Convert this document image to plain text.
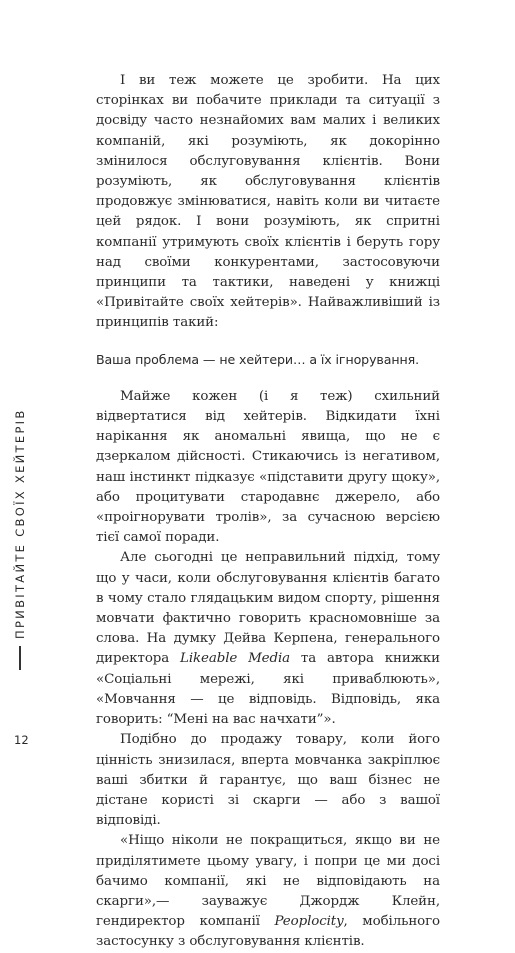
І ви теж можете це зробити. На цих сторінках ви побачите приклади та ситуації з досвіду часто незнайомих вам малих і великих компаній, які розуміють, як докорінно змінилося обслуговування клієнтів. Вони розуміють, як обслуговування клієнтів продовжує змінюватися, навіть коли ви читаєте цей рядок. І вони розуміють, як спритні компанії утримують своїх клієнтів і беруть гору над своїми конкурентами, застосовуючи принципи та тактики, наведені у книжці «Привітайте своїх хейтерів». Найважливіший із принципів такий:

Ваша проблема — не хейтери… а їх ігнорування.

Майже кожен (і я теж) схильний відвертатися від хейтерів. Відкидати їхні нарікання як аномальні явища, що не є дзеркалом дійсності. Стикаючись із негативом, наш інстинкт підказує «підставити другу щоку», або процитувати стародавнє джерело, або «проігнорувати тролів», за сучасною версією тієї самої поради.

Але сьогодні це неправильний підхід, тому що у часи, коли обслуговування клієнтів багато в чому стало глядацьким видом спорту, рішення мовчати фактично говорить красномовніше за слова. На думку Дейва Керпена, генерального директора Likeable Media та автора книжки «Соціальні мережі, які приваблюють», «Мовчання — це відповідь. Відповідь, яка говорить: “Мені на вас начхати”».

Подібно до продажу товару, коли його цінність знизилася, вперта мовчанка закріплює ваші збитки й гарантує, що ваш бізнес не дістане користі зі скарги — або з вашої відповіді.

«Ніщо ніколи не покращиться, якщо ви не приділятимете цьому увагу, і попри це ми досі бачимо компанії, які не відповідають на скарги»,— зауважує Джордж Клейн, гендиректор компанії Peoplocity, мобільного застосунку з обслуговування клієнтів.

ПРИВІТАЙТЕ СВОЇХ ХЕЙТЕРІВ
12
